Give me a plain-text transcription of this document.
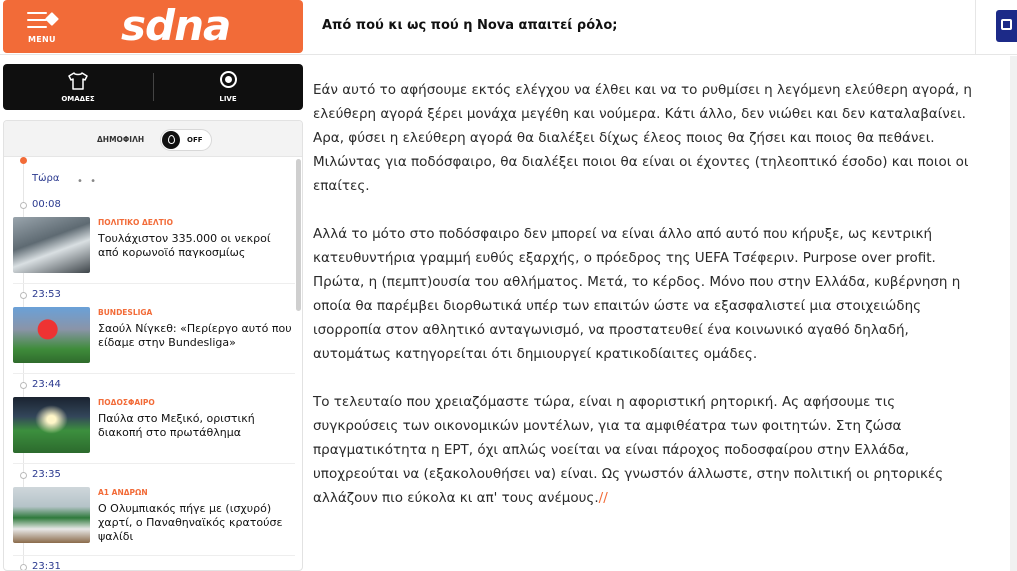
MENU sdna	Από πού κι ως πού η Nova απαιτεί ρόλο;
ΟΜΑΔΕΣ	LIVE
ΔΗΜΟΦΙΛΗ	OFF
Τώρα • •
00:08
ΠΟΛΙΤΙΚΟ ΔΕΛΤΙΟ
Τουλάχιστον 335.000 οι νεκροί από κορωνοϊό παγκοσμίως
23:53
BUNDESLIGA
Σαούλ Νίγκεθ: «Περίεργο αυτό που είδαμε στην Bundesliga»
23:44
ΠΟΔΟΣΦΑΙΡΟ
Παύλα στο Μεξικό, οριστική διακοπή στο πρωτάθλημα
23:35
A1 ΑΝΔΡΩΝ
Ο Ολυμπιακός πήγε με (ισχυρό) χαρτί, ο Παναθηναϊκός κρατούσε ψαλίδι
23:31

Εάν αυτό το αφήσουμε εκτός ελέγχου να έλθει και να το ρυθμίσει η λεγόμενη ελεύθερη αγορά, η ελεύθερη αγορά ξέρει μονάχα μεγέθη και νούμερα. Κάτι άλλο, δεν νιώθει και δεν καταλαβαίνει. Αρα, φύσει η ελεύθερη αγορά θα διαλέξει δίχως έλεος ποιος θα ζήσει και ποιος θα πεθάνει. Μιλώντας για ποδόσφαιρο, θα διαλέξει ποιοι θα είναι οι έχοντες (τηλεοπτικό έσοδο) και ποιοι οι επαίτες.

Αλλά το μότο στο ποδόσφαιρο δεν μπορεί να είναι άλλο από αυτό που κήρυξε, ως κεντρική κατευθυντήρια γραμμή ευθύς εξαρχής, ο πρόεδρος της UEFA Τσέφεριν. Purpose over profit. Πρώτα, η (πεμπτ)ουσία του αθλήματος. Μετά, το κέρδος. Μόνο που στην Ελλάδα, κυβέρνηση η οποία θα παρέμβει διορθωτικά υπέρ των επαιτών ώστε να εξασφαλιστεί μια στοιχειώδης ισορροπία στον αθλητικό ανταγωνισμό, να προστατευθεί ένα κοινωνικό αγαθό δηλαδή, αυτομάτως κατηγορείται ότι δημιουργεί κρατικοδίαιτες ομάδες.

Το τελευταίο που χρειαζόμαστε τώρα, είναι η αφοριστική ρητορική. Ας αφήσουμε τις συγκρούσεις των οικονομικών μοντέλων, για τα αμφιθέατρα των φοιτητών. Στη ζώσα πραγματικότητα η ΕΡΤ, όχι απλώς νοείται να είναι πάροχος ποδοσφαίρου στην Ελλάδα, υποχρεούται να (εξακολουθήσει να) είναι. Ως γνωστόν άλλωστε, στην πολιτική οι ρητορικές αλλάζουν πιο εύκολα κι απ' τους ανέμους.//
